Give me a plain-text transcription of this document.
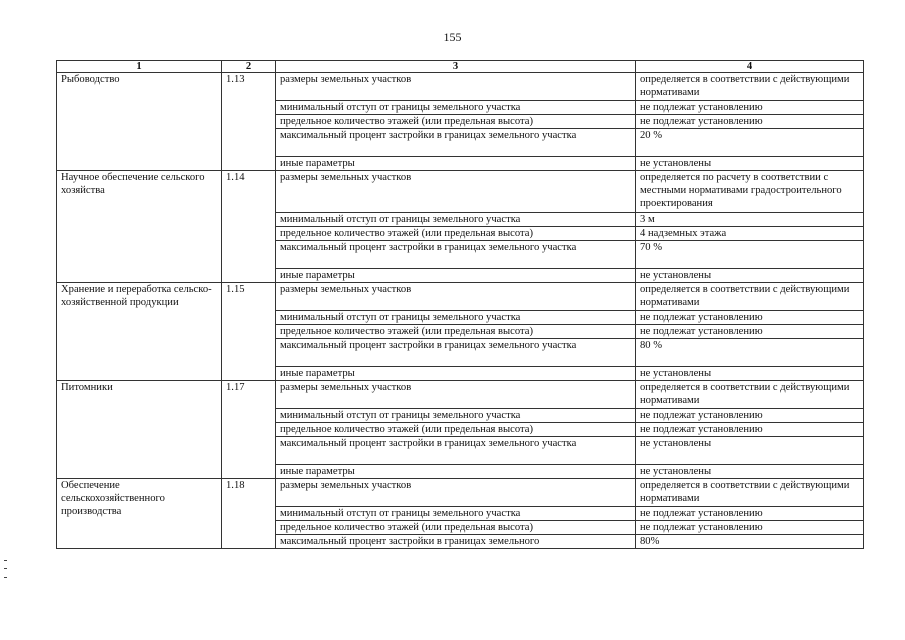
155
1	2	3	4
Рыбоводство	1.13	размеры земельных участков	определяется в соответствии с действующими нормативами
		минимальный отступ от границы земельного участка	не подлежат установлению
		предельное количество этажей (или предельная высота)	не подлежат установлению
		максимальный процент застройки в границах земельного участка	20 %
		иные параметры	не установлены
Научное обеспечение сельского хозяйства	1.14	размеры земельных участков	определяется по расчету в соответствии с местными нормативами градостроительного проектирования
		минимальный отступ от границы земельного участка	3 м
		предельное количество этажей (или предельная высота)	4 надземных этажа
		максимальный процент застройки в границах земельного участка	70 %
		иные параметры	не установлены
Хранение и переработка сельско-хозяйственной продукции	1.15	размеры земельных участков	определяется в соответствии с действующими нормативами
		минимальный отступ от границы земельного участка	не подлежат установлению
		предельное количество этажей (или предельная высота)	не подлежат установлению
		максимальный процент застройки в границах земельного участка	80 %
		иные параметры	не установлены
Питомники	1.17	размеры земельных участков	определяется в соответствии с действующими нормативами
		минимальный отступ от границы земельного участка	не подлежат установлению
		предельное количество этажей (или предельная высота)	не подлежат установлению
		максимальный процент застройки в границах земельного участка	не установлены
		иные параметры	не установлены
Обеспечение сельскохозяйственного производства	1.18	размеры земельных участков	определяется в соответствии с действующими нормативами
		минимальный отступ от границы земельного участка	не подлежат установлению
		предельное количество этажей (или предельная высота)	не подлежат установлению
		максимальный процент застройки в границах земельного	80%
